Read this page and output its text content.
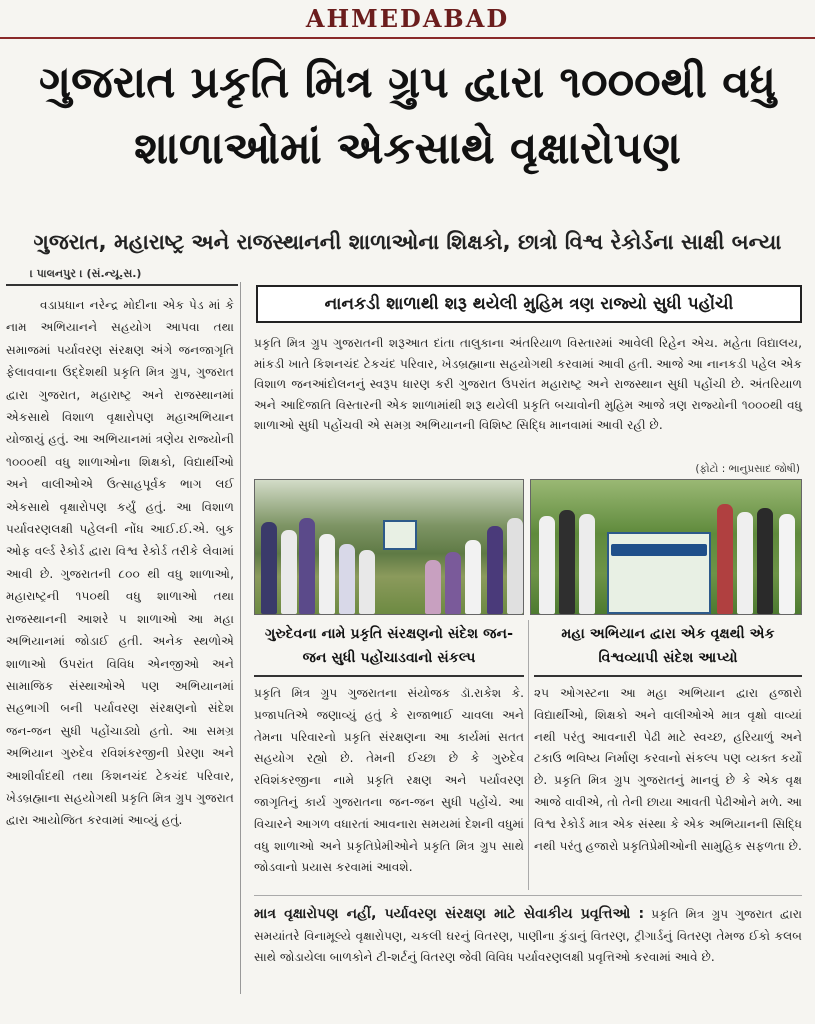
AHMEDABAD
ગુજરાત પ્રકૃતિ મિત્ર ગ્રુપ દ્વારા ૧૦૦૦થી વધુ શાળાઓમાં એકસાથે વૃક્ષારોપણ
ગુજરાત, મહારાષ્ટ્ર અને રાજસ્થાનની શાળાઓના શિક્ષકો, છાત્રો વિશ્વ રેકોર્ડના સાક્ષી બન્યા
। પાલનપુર । (સં.ન્યૂ.સ.)
વડાપ્રધાન નરેન્દ્ર મોદીના એક પેડ માં કે નામ અભિયાનને સહયોગ આપવા તથા સમાજમાં પર્યાવરણ સંરક્ષણ અંગે જનજાગૃતિ ફેલાવવાના ઉદ્દેશથી પ્રકૃતિ મિત્ર ગ્રુપ, ગુજરાત દ્વારા ગુજરાત, મહારાષ્ટ્ર અને રાજસ્થાનમાં એકસાથે વિશાળ વૃક્ષારોપણ મહાઅભિયાન યોજાયું હતું. આ અભિયાનમાં ત્રણેય રાજ્યોની ૧૦૦૦થી વધુ શાળાઓના શિક્ષકો, વિદ્યાર્થીઓ અને વાલીઓએ ઉત્સાહપૂર્વક ભાગ લઈ એકસાથે વૃક્ષારોપણ કર્યું હતું. આ વિશાળ પર્યાવરણલક્ષી પહેલની નોંધ આઈ.ઈ.એ. બુક ઓફ વર્લ્ડ રેકોર્ડ દ્વારા વિશ્વ રેકોર્ડ તરીકે લેવામાં આવી છે. ગુજરાતની ૮૦૦ થી વધુ શાળાઓ, મહારાષ્ટ્રની ૧૫૦થી વધુ શાળાઓ તથા રાજસ્થાનની આશરે ૫ શાળાઓ આ મહા અભિયાનમાં જોડાઈ હતી. અનેક સ્થળોએ શાળાઓ ઉપરાંત વિવિધ એનજીઓ અને સામાજિક સંસ્થાઓએ પણ અભિયાનમાં સહભાગી બની પર્યાવરણ સંરક્ષણનો સંદેશ જન-જન સુધી પહોંચાડ્યો હતો. આ સમગ્ર અભિયાન ગુરુદેવ રવિશંકરજીની પ્રેરણા અને આશીર્વાદથી તથા કિશનચંદ ટેકચંદ પરિવાર, ખેડબ્રહ્માના સહયોગથી પ્રકૃતિ મિત્ર ગ્રુપ ગુજરાત દ્વારા આયોજિત કરવામાં આવ્યું હતું.
નાનકડી શાળાથી શરૂ થયેલી મુહિમ ત્રણ રાજ્યો સુધી પહોંચી
પ્રકૃતિ મિત્ર ગ્રુપ ગુજરાતની શરૂઆત દાંતા તાલુકાના અંતરિયાળ વિસ્તારમાં આવેલી રિહેન એચ. મહેતા વિદ્યાલય, માંકડી ખાતે કિશનચંદ ટેકચંદ પરિવાર, ખેડબ્રહ્માના સહયોગથી કરવામાં આવી હતી. આજે આ નાનકડી પહેલ એક વિશાળ જનઆંદોલનનું સ્વરૂપ ધારણ કરી ગુજરાત ઉપરાંત મહારાષ્ટ્ર અને રાજસ્થાન સુધી પહોંચી છે. અંતરિયાળ અને આદિજાતિ વિસ્તારની એક શાળામાંથી શરૂ થયેલી પ્રકૃતિ બચાવોની મુહિમ આજે ત્રણ રાજ્યોની ૧૦૦૦થી વધુ શાળાઓ સુધી પહોંચવી એ સમગ્ર અભિયાનની વિશિષ્ટ સિદ્ધિ માનવામાં આવી રહી છે.
(ફોટો : ભાનુપ્રસાદ જોષી)
ગુરુદેવના નામે પ્રકૃતિ સંરક્ષણનો સંદેશ જન-જન સુધી પહોંચાડવાનો સંકલ્પ
મહા અભિયાન દ્વારા એક વૃક્ષથી એક વિશ્વવ્યાપી સંદેશ આપ્યો
પ્રકૃતિ મિત્ર ગ્રુપ ગુજરાતના સંયોજક ડૉ.રાકેશ કે. પ્રજાપતિએ જણાવ્યું હતું કે રાજાભાઈ ચાવલા અને તેમના પરિવારનો પ્રકૃતિ સંરક્ષણના આ કાર્યમાં સતત સહયોગ રહ્યો છે. તેમની ઈચ્છા છે કે ગુરુદેવ રવિશંકરજીના નામે પ્રકૃતિ રક્ષણ અને પર્યાવરણ જાગૃતિનું કાર્ય ગુજરાતના જન-જન સુધી પહોંચે. આ વિચારને આગળ વધારતાં આવનારા સમયમાં દેશની વધુમાં વધુ શાળાઓ અને પ્રકૃતિપ્રેમીઓને પ્રકૃતિ મિત્ર ગ્રુપ સાથે જોડવાનો પ્રયાસ કરવામાં આવશે.
૨૫ ઓગસ્ટના આ મહા અભિયાન દ્વારા હજારો વિદ્યાર્થીઓ, શિક્ષકો અને વાલીઓએ માત્ર વૃક્ષો વાવ્યાં નથી પરંતુ આવનારી પેઢી માટે સ્વચ્છ, હરિયાળું અને ટકાઉ ભવિષ્ય નિર્માણ કરવાનો સંકલ્પ પણ વ્યક્ત કર્યો છે. પ્રકૃતિ મિત્ર ગ્રુપ ગુજરાતનું માનવું છે કે એક વૃક્ષ આજે વાવીએ, તો તેની છાયા આવતી પેઢીઓને મળે. આ વિશ્વ રેકોર્ડ માત્ર એક સંસ્થા કે એક અભિયાનની સિદ્ધિ નથી પરંતુ હજારો પ્રકૃતિપ્રેમીઓની સામુહિક સફળતા છે.
માત્ર વૃક્ષારોપણ નહીં, પર્યાવરણ સંરક્ષણ માટે સેવાકીય પ્રવૃત્તિઓ : પ્રકૃતિ મિત્ર ગ્રુપ ગુજરાત દ્વારા સમયાંતરે વિનામૂલ્યે વૃક્ષારોપણ, ચકલી ઘરનું વિતરણ, પાણીના કુંડાનું વિતરણ, ટ્રીગાર્ડનું વિતરણ તેમજ ઈકો કલબ સાથે જોડાયેલા બાળકોને ટી-શર્ટનું વિતરણ જેવી વિવિધ પર્યાવરણલક્ષી પ્રવૃત્તિઓ કરવામાં આવે છે.
